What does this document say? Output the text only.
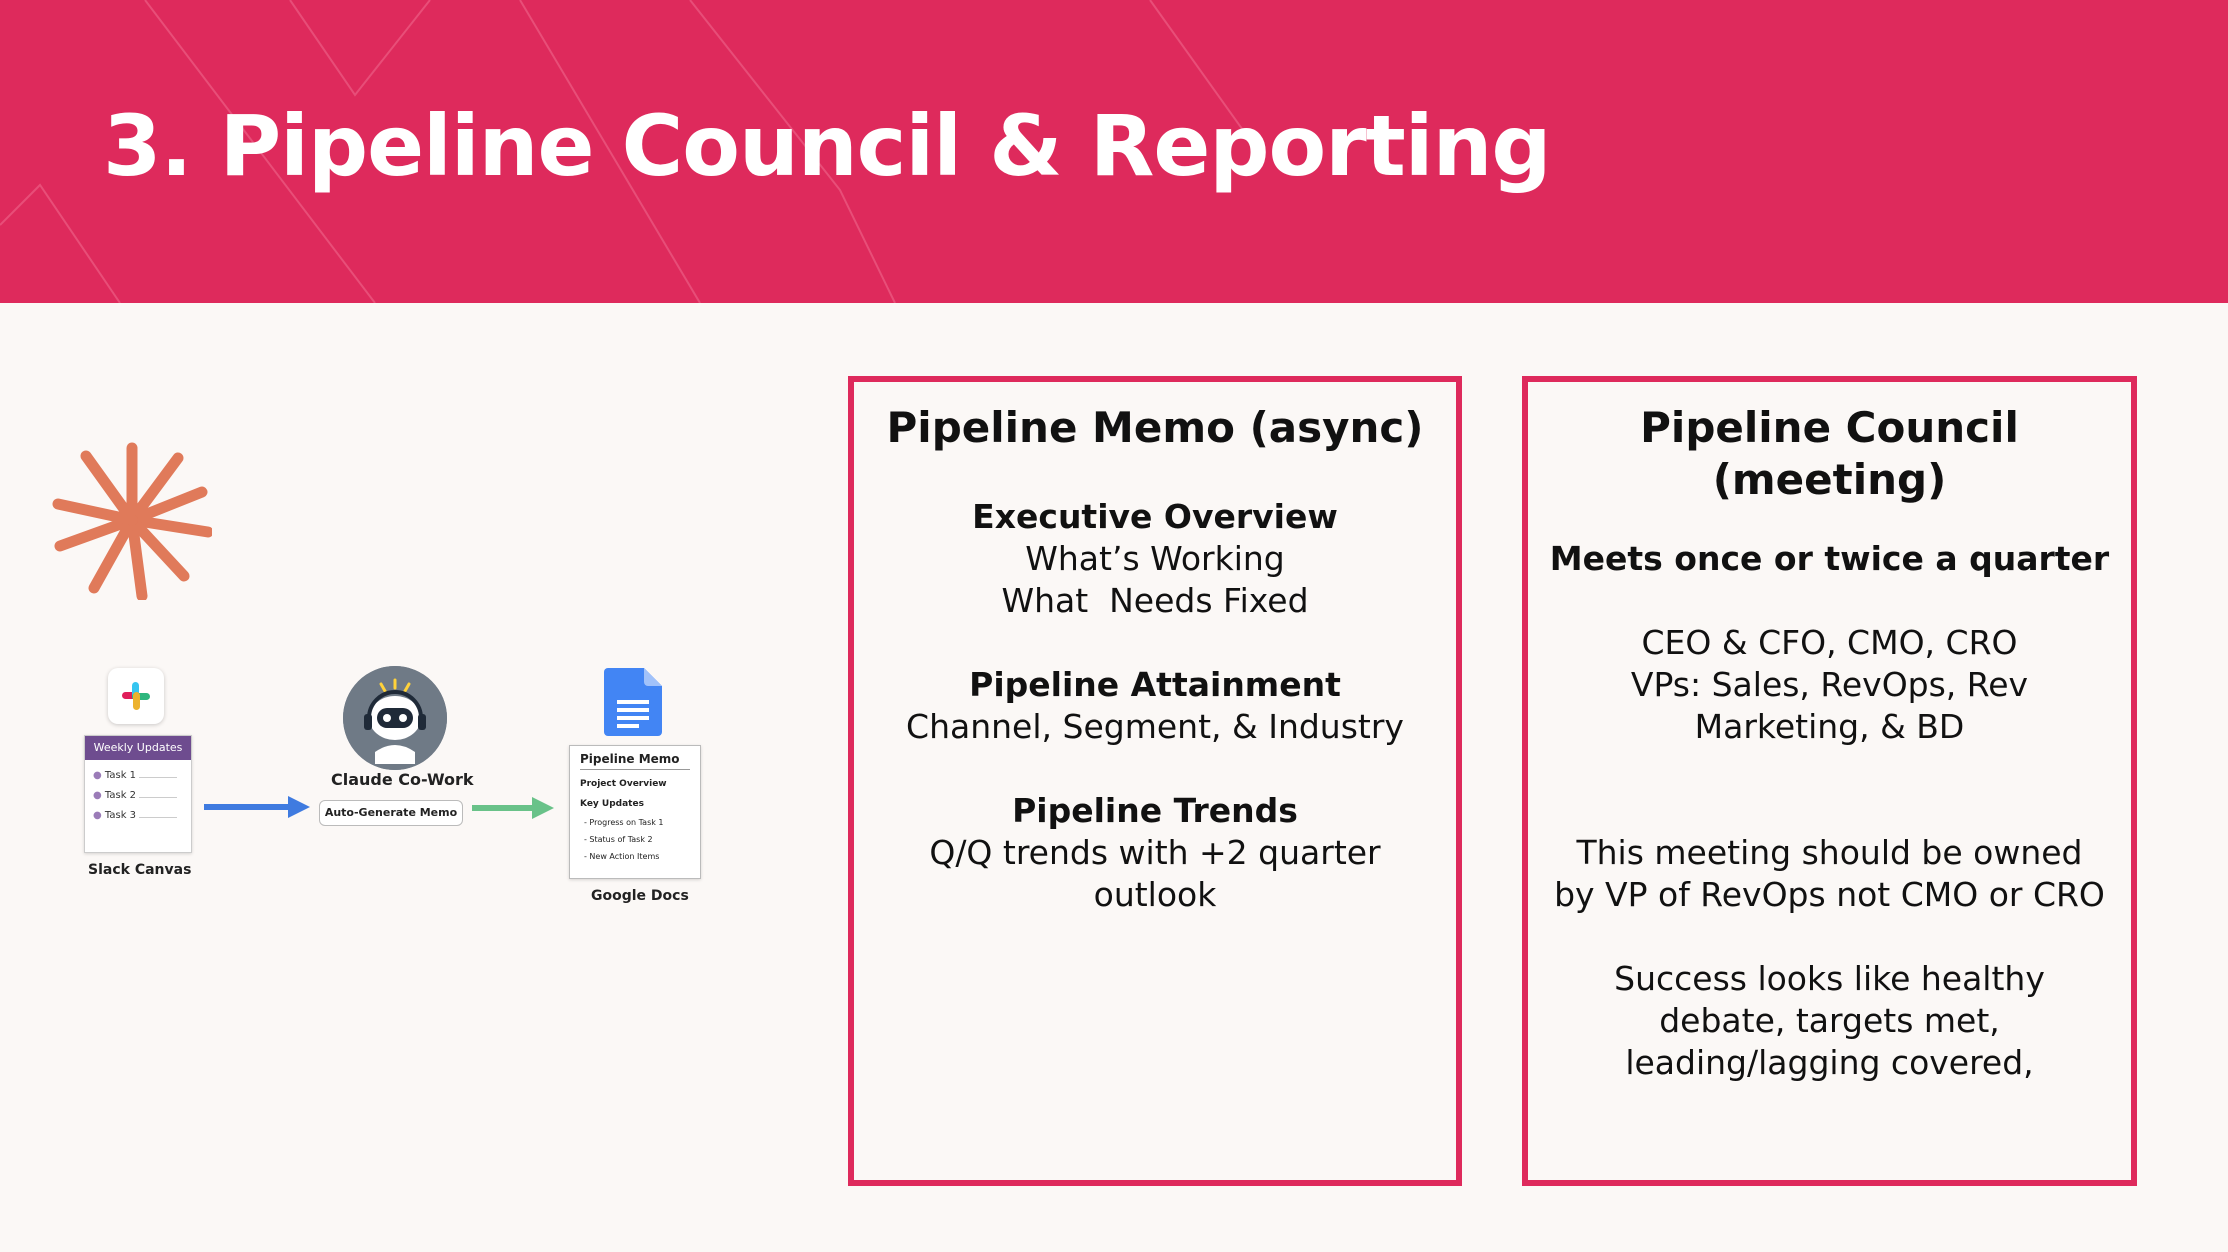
3. Pipeline Council & Reporting
Weekly Updates
● Task 1
● Task 2
● Task 3
Slack Canvas
Claude Co-Work
Auto-Generate Memo
Pipeline Memo
Project Overview
Key Updates
- Progress on Task 1
- Status of Task 2
- New Action Items
Google Docs
Pipeline Memo (async)
Executive Overview
What’s Working
What  Needs Fixed
Pipeline Attainment
Channel, Segment, & Industry
Pipeline Trends
Q/Q trends with +2 quarter
outlook
Pipeline Council
(meeting)
Meets once or twice a quarter
CEO & CFO, CMO, CRO
VPs: Sales, RevOps, Rev
Marketing, & BD
This meeting should be owned
by VP of RevOps not CMO or CRO
Success looks like healthy
debate, targets met,
leading/lagging covered,
